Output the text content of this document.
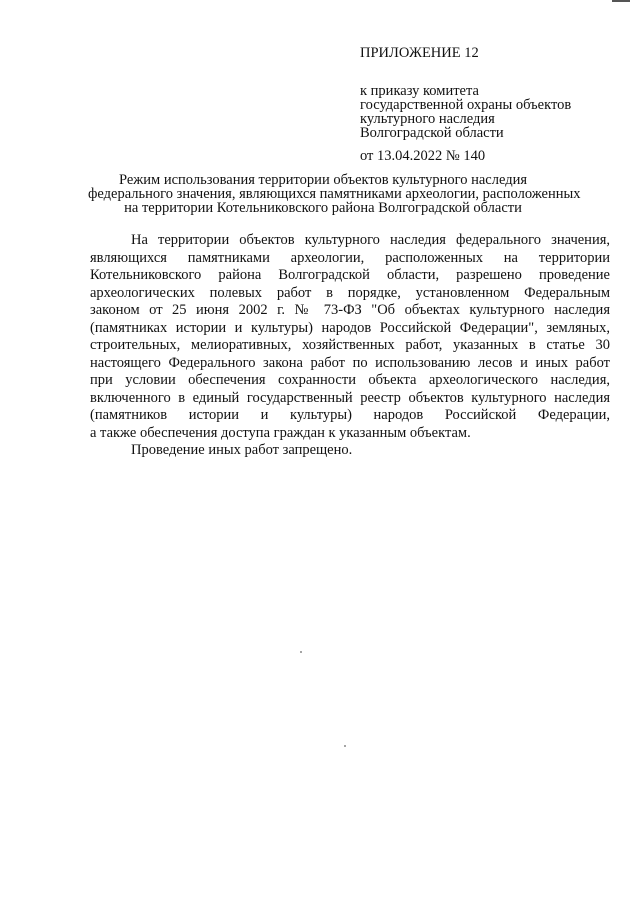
ПРИЛОЖЕНИЕ 12
к приказу комитета
государственной охраны объектов
культурного наследия
Волгоградской области
от 13.04.2022 № 140
Режим использования территории объектов культурного наследия
федерального значения, являющихся памятниками археологии, расположенных
на территории Котельниковского района Волгоградской области
На территории объектов культурного наследия федерального значения,
являющихся памятниками археологии, расположенных на территории
Котельниковского района Волгоградской области, разрешено проведение
археологических полевых работ в порядке, установленном Федеральным
законом от 25 июня 2002 г. № 73-ФЗ "Об объектах культурного наследия
(памятниках истории и культуры) народов Российской Федерации", земляных,
строительных, мелиоративных, хозяйственных работ, указанных в статье 30
настоящего Федерального закона работ по использованию лесов и иных работ
при условии обеспечения сохранности объекта археологического наследия,
включенного в единый государственный реестр объектов культурного наследия
(памятников истории и культуры) народов Российской Федерации,
а также обеспечения доступа граждан к указанным объектам.
Проведение иных работ запрещено.
